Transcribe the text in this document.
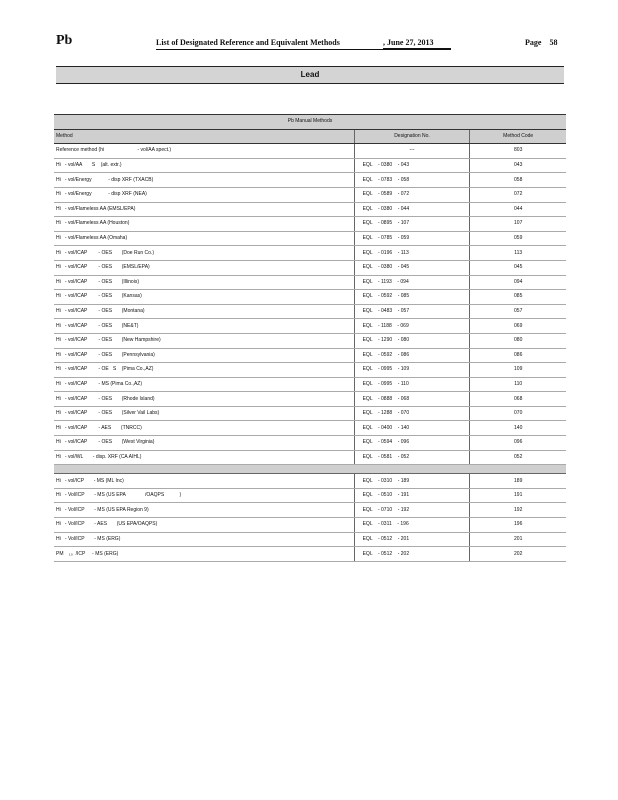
Pb	List of Designated Reference and Equivalent Methods	, June 27, 2013	Page 58
Lead
Pb Manual Methods		
Method	Designation No.	Method Code
Reference method (hi                        - vol/AA spect.)	---	803
Hi   - vol/AA       S    (alt. extr.)	EQL    - 0380    - 043	043
Hi   - vol/Energy            - disp XRF (TXACB)	EQL    - 0783    - 058	058
Hi   - vol/Energy            - disp XRF (NEA)	EQL    - 0589    - 072	072
Hi   - vol/Flameless AA (EMSL/EPA)	EQL    - 0380    - 044	044
Hi   - vol/Flameless AA (Houston)	EQL    - 0895    - 107	107
Hi   - vol/Flameless AA (Omaha)	EQL    - 0785    - 059	059
Hi   - vol/ICAP        - OES       (Doe Run Co.)	EQL    - 0196    - 113	113
Hi   - vol/ICAP        - OES       (EMSL/EPA)	EQL    - 0380    - 045	045
Hi   - vol/ICAP        - OES       (Illinois)	EQL    - 1193    - 094	094
Hi   - vol/ICAP        - OES       (Kansas)	EQL    - 0592    - 085	085
Hi   - vol/ICAP        - OES       (Montana)	EQL    - 0483    - 057	057
Hi   - vol/ICAP        - OES       (NE&T)	EQL    - 1188    - 069	069
Hi   - vol/ICAP        - OES       (New Hampshire)	EQL    - 1290    - 080	080
Hi   - vol/ICAP        - OES       (Pennsylvania)	EQL    - 0592    - 086	086
Hi   - vol/ICAP        - OE   S    (Pima Co.,AZ)	EQL    - 0995    - 109	109
Hi   - vol/ICAP        - MS (Pima Co.,AZ)	EQL    - 0995    - 110	110
Hi   - vol/ICAP        - OES       (Rhode Island)	EQL    - 0888    - 068	068
Hi   - vol/ICAP        - OES       (Silver Vail Labs)	EQL    - 1288    - 070	070
Hi   - vol/ICAP        - AES       (TNRCC)	EQL    - 0400    - 140	140
Hi   - vol/ICAP        - OES       (West Virginia)	EQL    - 0594    - 096	096
Hi   - vol/WL       - disp. XRF (CA AIHL)	EQL    - 0581    - 052	052

Hi   - vol/ICP       - MS (ML Inc)	EQL    - 0310    - 189	189
Hi   - Vol/ICP       - MS (US EPA              /OAQPS           )	EQL    - 0510    - 191	191
Hi   - Vol/ICP       - MS (US EPA Region 9)	EQL    - 0710    - 192	192
Hi   - Vol/ICP       - AES       (US EPA/OAQPS)	EQL    - 0311    - 196	196
Hi   - Vol/ICP       - MS (ERG)	EQL    - 0512    - 201	201
PM    ₁₀  /ICP     - MS (ERG)	EQL    - 0512    - 202	202
